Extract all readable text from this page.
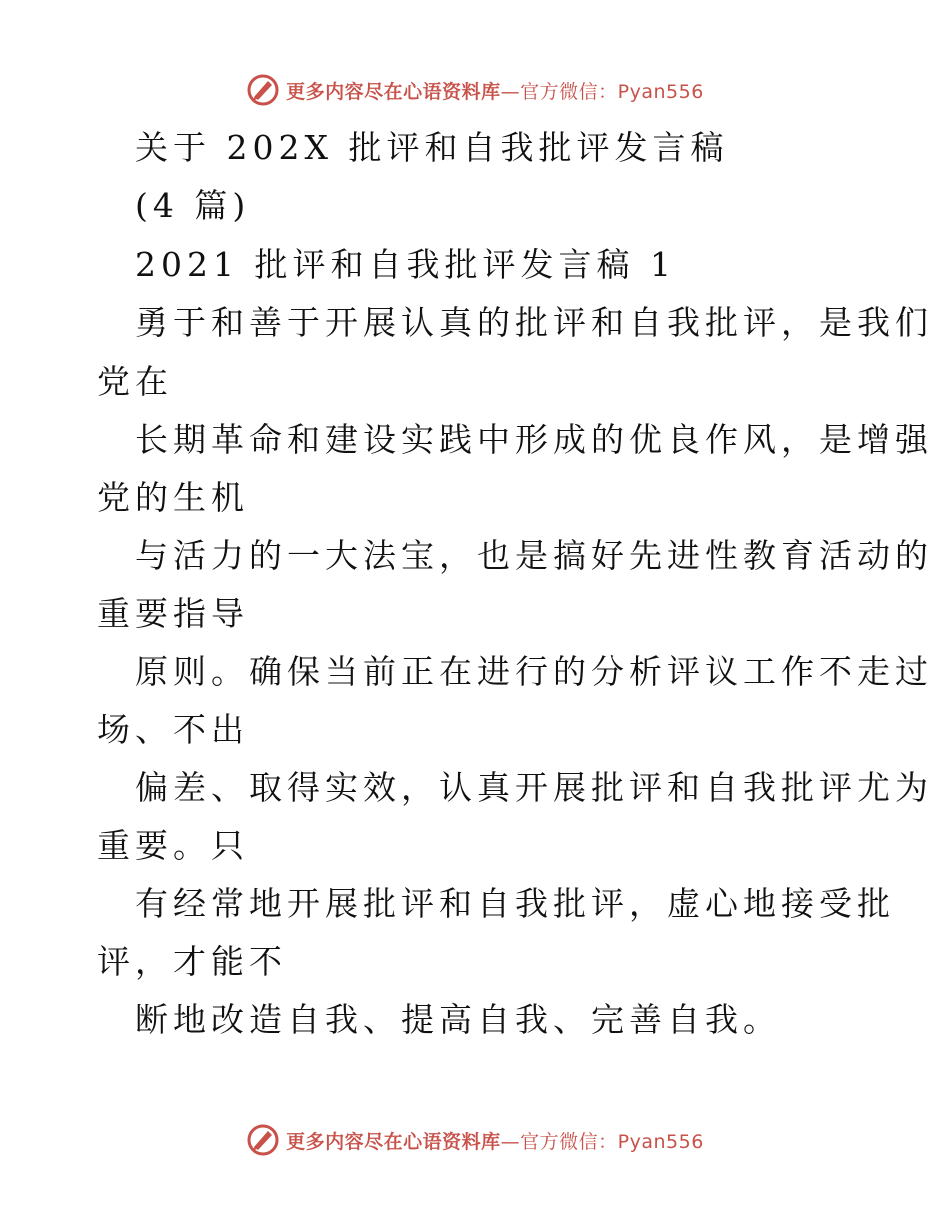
更多内容尽在心语资料库—官方微信：Pyan556
关于 202X 批评和自我批评发言稿
(4 篇)
2021 批评和自我批评发言稿 1
勇于和善于开展认真的批评和自我批评，是我们
党在
长期革命和建设实践中形成的优良作风，是增强
党的生机
与活力的一大法宝，也是搞好先进性教育活动的
重要指导
原则。确保当前正在进行的分析评议工作不走过
场、不出
偏差、取得实效，认真开展批评和自我批评尤为
重要。只
有经常地开展批评和自我批评，虚心地接受批
评，才能不
断地改造自我、提高自我、完善自我。
更多内容尽在心语资料库—官方微信：Pyan556
